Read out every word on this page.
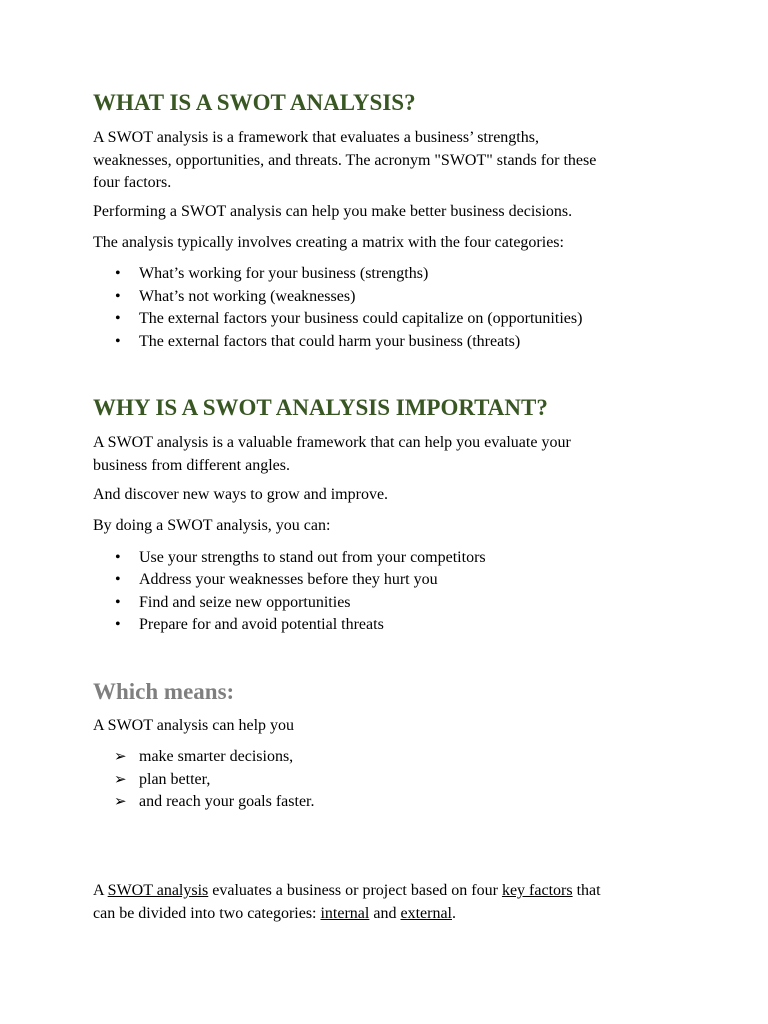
WHAT IS A SWOT ANALYSIS?

A SWOT analysis is a framework that evaluates a business’ strengths,

weaknesses, opportunities, and threats. The acronym "SWOT" stands for these

four factors.

Performing a SWOT analysis can help you make better business decisions.

The analysis typically involves creating a matrix with the four categories:

• What’s working for your business (strengths)
• What’s not working (weaknesses)
• The external factors your business could capitalize on (opportunities)
• The external factors that could harm your business (threats)
WHY IS A SWOT ANALYSIS IMPORTANT?

A SWOT analysis is a valuable framework that can help you evaluate your

business from different angles.

And discover new ways to grow and improve.

By doing a SWOT analysis, you can:

• Use your strengths to stand out from your competitors
• Address your weaknesses before they hurt you
• Find and seize new opportunities
• Prepare for and avoid potential threats
Which means:

A SWOT analysis can help you

➢ make smarter decisions,
➢ plan better,
➢ and reach your goals faster.

A SWOT analysis evaluates a business or project based on four key factors that

can be divided into two categories: internal and external.
